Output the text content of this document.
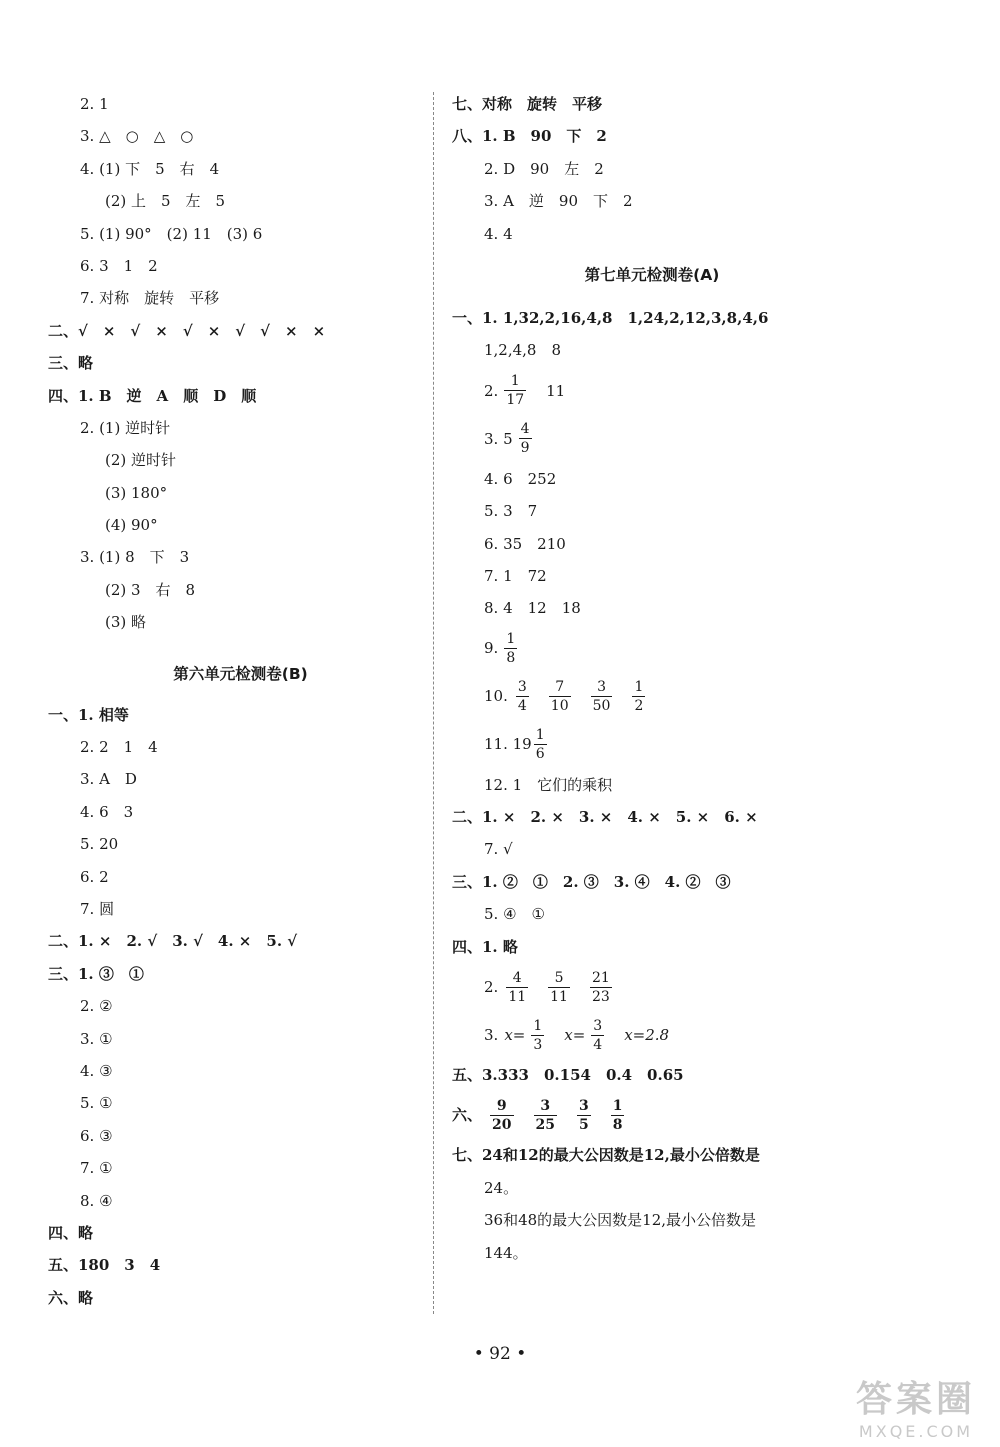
2. 1
3. △　○　△　○
4. (1) 下　5　右　4
(2) 上　5　左　5
5. (1) 90°　(2) 11　(3) 6
6. 3　1　2
7. 对称　旋转　平移
二、√　×　√　×　√　×　√　√　×　×
三、略
四、1. B　逆　A　顺　D　顺
2. (1) 逆时针
(2) 逆时针
(3) 180°
(4) 90°
3. (1) 8　下　3
(2) 3　右　8
(3) 略
第六单元检测卷(B)
一、1. 相等
2. 2　1　4
3. A　D
4. 6　3
5. 20
6. 2
7. 圆
二、1. ×　2. √　3. √　4. ×　5. √
三、1. ③　①
2. ②
3. ①
4. ③
5. ①
6. ③
7. ①
8. ④
四、略
五、180　3　4
六、略
七、对称　旋转　平移
八、1. B　90　下　2
2. D　90　左　2
3. A　逆　90　下　2
4. 4
第七单元检测卷(A)
一、1. 1,32,2,16,4,8　1,24,2,12,3,8,4,6
1,2,4,8　8
2. $\frac{1}{17} 11$
3. $5 \frac{4}{9}$
4. 6　252
5. 3　7
6. 35　210
7. 1　72
8. 4　12　18
9. $\frac{1}{8}$
10. $\frac{3}{4} \frac{7}{10} \frac{3}{50} \frac{1}{2}$
11. $19 \frac{1}{6}$
12. 1　它们的乘积
二、1. ×　2. ×　3. ×　4. ×　5. ×　6. ×
7. √
三、1. ②　①　2. ③　3. ④　4. ②　③
5. ④　①
四、1. 略
2. $\frac{4}{11} \frac{5}{11} \frac{21}{23}$
3. $x= \frac{1}{3} x= \frac{3}{4} x=2.8$
五、3.333　0.154　0.4　0.65
六、 $\frac{9}{20} \frac{3}{25} \frac{3}{5} \frac{1}{8}$
七、24和12的最大公因数是12,最小公倍数是
24。
36和48的最大公因数是12,最小公倍数是
144。
• 92 •
答案圈
MXQE.COM
